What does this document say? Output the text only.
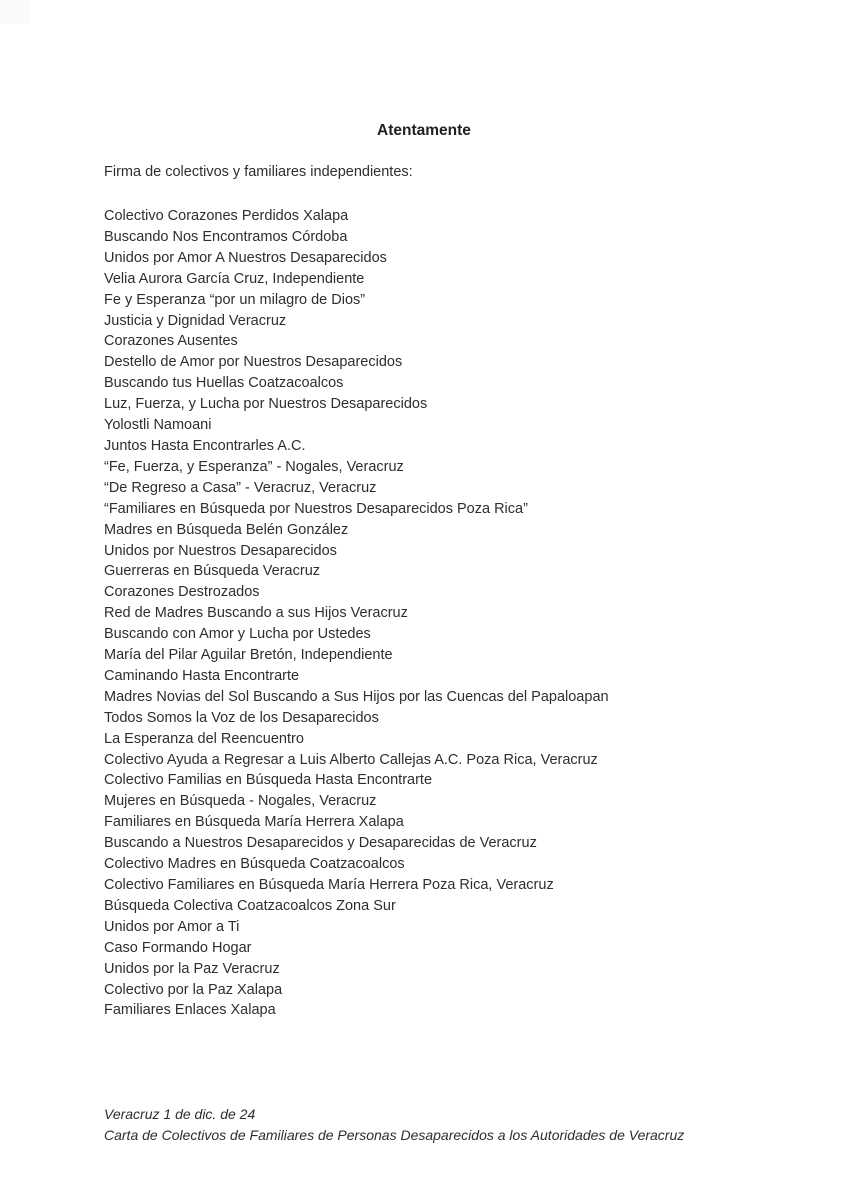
Atentamente

Firma de colectivos y familiares independientes:

Colectivo Corazones Perdidos Xalapa
Buscando Nos Encontramos Córdoba
Unidos por Amor A Nuestros Desaparecidos
Velia Aurora García Cruz, Independiente
Fe y Esperanza “por un milagro de Dios”
Justicia y Dignidad Veracruz
Corazones Ausentes
Destello de Amor por Nuestros Desaparecidos
Buscando tus Huellas Coatzacoalcos
Luz, Fuerza, y Lucha por Nuestros Desaparecidos
Yolostli Namoani
Juntos Hasta Encontrarles A.C.
“Fe, Fuerza, y Esperanza” - Nogales, Veracruz
“De Regreso a Casa” - Veracruz, Veracruz
“Familiares en Búsqueda por Nuestros Desaparecidos Poza Rica”
Madres en Búsqueda Belén González
Unidos por Nuestros Desaparecidos
Guerreras en Búsqueda Veracruz
Corazones Destrozados
Red de Madres Buscando a sus Hijos Veracruz
Buscando con Amor y Lucha por Ustedes
María del Pilar Aguilar Bretón, Independiente
Caminando Hasta Encontrarte
Madres Novias del Sol Buscando a Sus Hijos por las Cuencas del Papaloapan
Todos Somos la Voz de los Desaparecidos
La Esperanza del Reencuentro
Colectivo Ayuda a Regresar a Luis Alberto Callejas A.C. Poza Rica, Veracruz
Colectivo Familias en Búsqueda Hasta Encontrarte
Mujeres en Búsqueda - Nogales, Veracruz
Familiares en Búsqueda María Herrera Xalapa
Buscando a Nuestros Desaparecidos y Desaparecidas de Veracruz
Colectivo Madres en Búsqueda Coatzacoalcos
Colectivo Familiares en Búsqueda María Herrera Poza Rica, Veracruz
Búsqueda Colectiva Coatzacoalcos Zona Sur
Unidos por Amor a Ti
Caso Formando Hogar
Unidos por la Paz Veracruz
Colectivo por la Paz Xalapa
Familiares Enlaces Xalapa

Veracruz 1 de dic. de 24

Carta de Colectivos de Familiares de Personas Desaparecidos a los Autoridades de Veracruz
